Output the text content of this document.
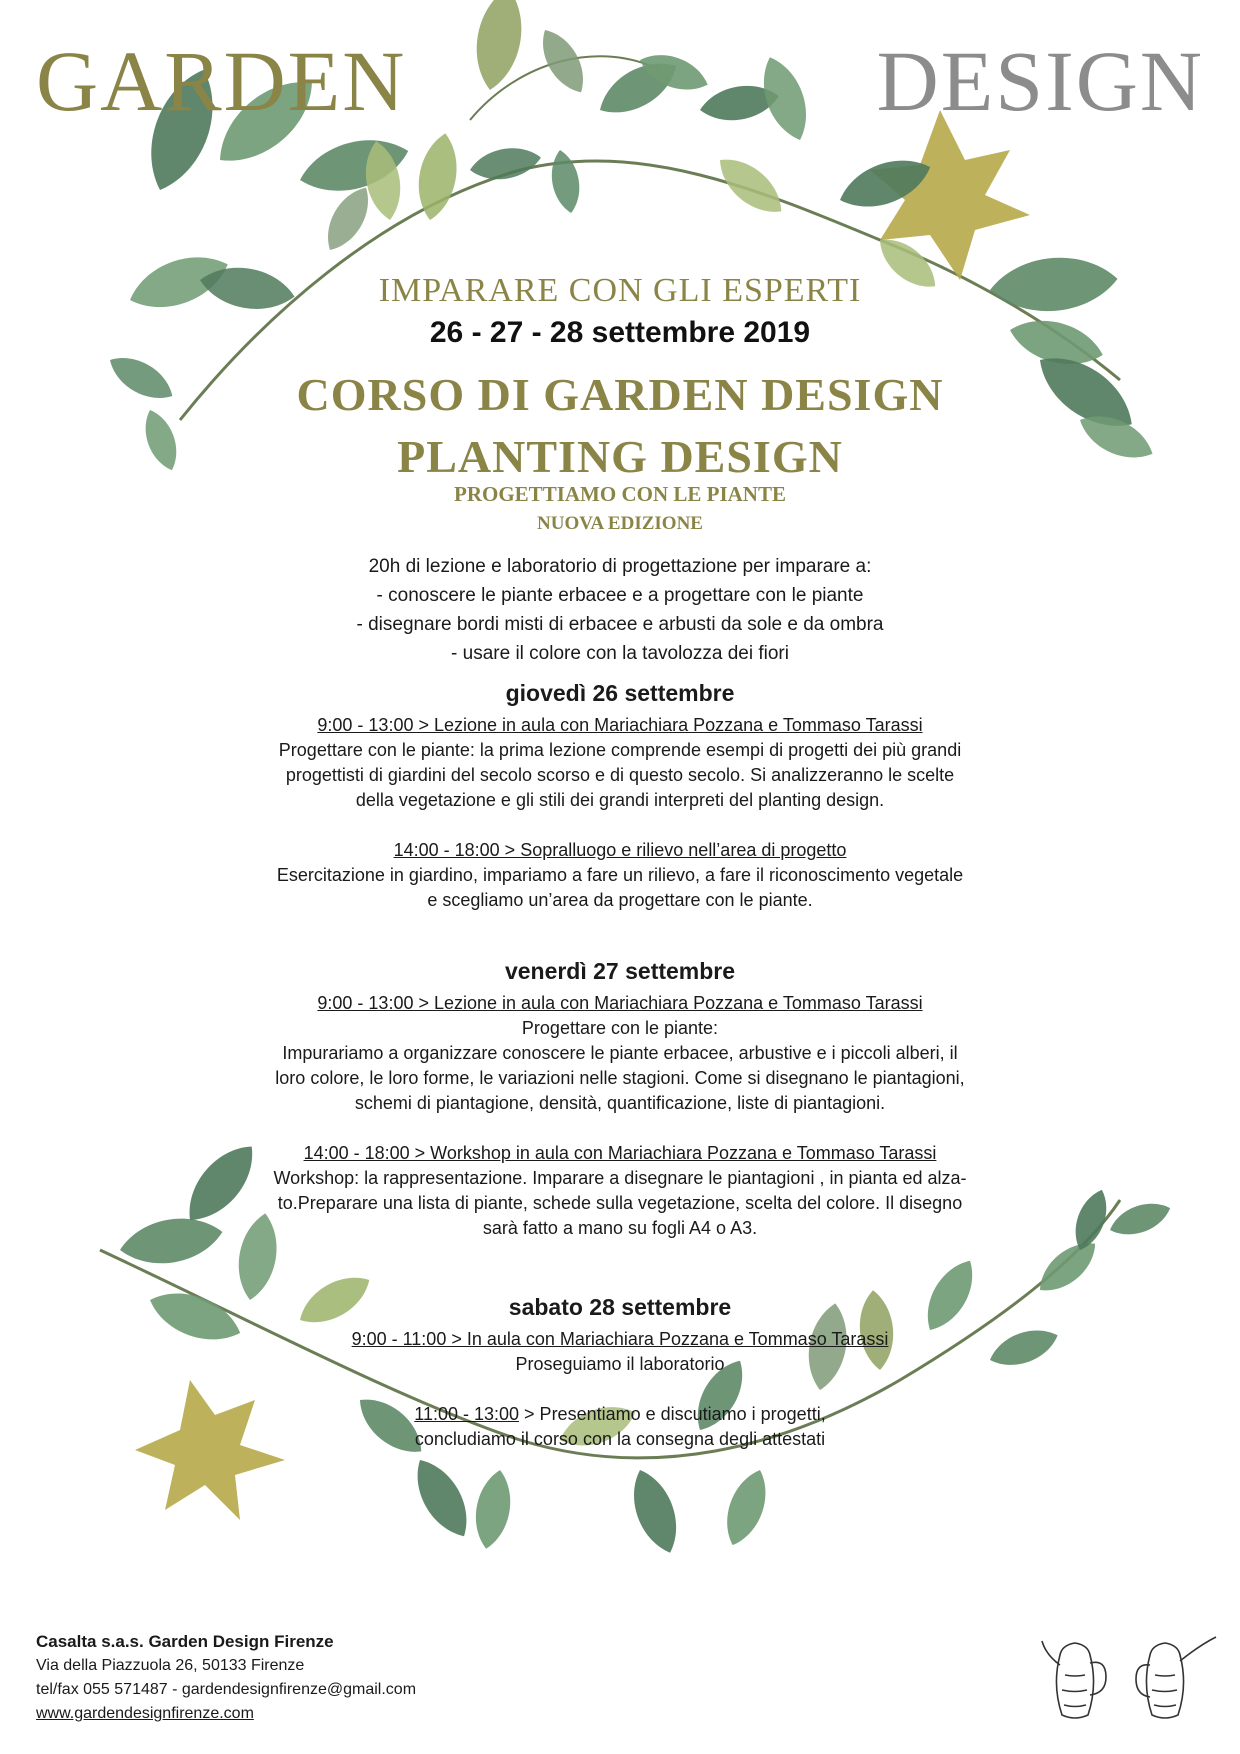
GARDEN	DESIGN
IMPARARE CON GLI ESPERTI
26 - 27 - 28 settembre 2019
CORSO DI GARDEN DESIGN
PLANTING DESIGN
PROGETTIAMO CON LE PIANTE
NUOVA EDIZIONE
20h di lezione e laboratorio di progettazione per imparare a:
- conoscere le piante erbacee e a progettare con le piante
- disegnare bordi misti di erbacee e arbusti da sole e da ombra
- usare il colore con la tavolozza dei fiori
giovedì 26 settembre
9:00 - 13:00 > Lezione in aula con Mariachiara Pozzana e Tommaso Tarassi
Progettare con le piante: la prima lezione comprende esempi di progetti dei più grandi
progettisti di giardini del secolo scorso e di questo secolo. Si analizzeranno le scelte
della vegetazione e gli stili dei grandi interpreti del planting design.
14:00 - 18:00 > Sopralluogo e rilievo nell’area di progetto
Esercitazione in giardino, impariamo a fare un rilievo, a fare il riconoscimento vegetale
e scegliamo un’area da progettare con le piante.
venerdì 27 settembre
9:00 - 13:00 > Lezione in aula con Mariachiara Pozzana e Tommaso Tarassi
Progettare con le piante:
Impurariamo a organizzare conoscere le piante erbacee, arbustive e i piccoli alberi, il
loro colore, le loro forme, le variazioni nelle stagioni. Come si disegnano le piantagioni,
schemi di piantagione, densità, quantificazione, liste di piantagioni.
14:00 - 18:00 > Workshop in aula con Mariachiara Pozzana e Tommaso Tarassi
Workshop: la rappresentazione. Imparare a disegnare le piantagioni , in pianta ed alza-
to.Preparare una lista di piante, schede sulla vegetazione, scelta del colore. Il disegno
sarà fatto a mano su fogli A4 o A3.
sabato 28 settembre
9:00 - 11:00 > In aula con Mariachiara Pozzana e Tommaso Tarassi
Proseguiamo il laboratorio
11:00 - 13:00 > Presentiamo e discutiamo i progetti,
concludiamo il corso con la consegna degli attestati
Casalta s.a.s. Garden Design Firenze
Via della Piazzuola 26, 50133 Firenze
tel/fax 055 571487 - gardendesignfirenze@gmail.com
www.gardendesignfirenze.com
